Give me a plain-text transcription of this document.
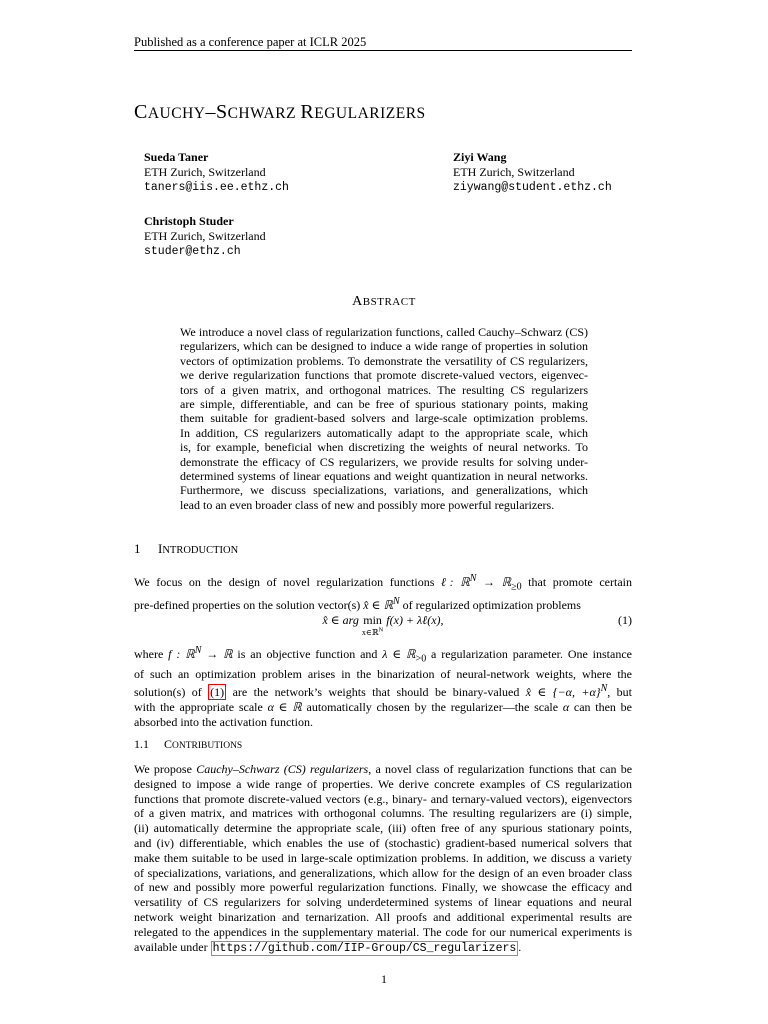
Published as a conference paper at ICLR 2025
CAUCHY–SCHWARZ REGULARIZERS
Sueda Taner
ETH Zurich, Switzerland
taners@iis.ee.ethz.ch
Ziyi Wang
ETH Zurich, Switzerland
ziywang@student.ethz.ch
Christoph Studer
ETH Zurich, Switzerland
studer@ethz.ch
ABSTRACT
We introduce a novel class of regularization functions, called Cauchy–Schwarz (CS)
regularizers, which can be designed to induce a wide range of properties in solution
vectors of optimization problems. To demonstrate the versatility of CS regularizers,
we derive regularization functions that promote discrete-valued vectors, eigenvec-
tors of a given matrix, and orthogonal matrices. The resulting CS regularizers
are simple, differentiable, and can be free of spurious stationary points, making
them suitable for gradient-based solvers and large-scale optimization problems.
In addition, CS regularizers automatically adapt to the appropriate scale, which
is, for example, beneficial when discretizing the weights of neural networks. To
demonstrate the efficacy of CS regularizers, we provide results for solving under-
determined systems of linear equations and weight quantization in neural networks.
Furthermore, we discuss specializations, variations, and generalizations, which
lead to an even broader class of new and possibly more powerful regularizers.
1 INTRODUCTION
We focus on the design of novel regularization functions ℓ: ℝ$^N$ → ℝ$_{\ge 0}$ that promote certain
pre-defined properties on the solution vector(s) x̂ ∈ ℝ$^N$ of regularized optimization problems
x̂ ∈ arg min
$^{x\in ℝ^N}$ f(x) + λℓ(x),	(1)
where f : ℝ$^N$ → ℝ is an objective function and λ ∈ ℝ$_{>0}$ a regularization parameter. One instance
of such an optimization problem arises in the binarization of neural-network weights, where the
solution(s) of (1) are the network’s weights that should be binary-valued x̂ ∈ {−α, +α}$^N$, but
with the appropriate scale α ∈ ℝ automatically chosen by the regularizer—the scale α can then be
absorbed into the activation function.
1.1 CONTRIBUTIONS
We propose Cauchy–Schwarz (CS) regularizers, a novel class of regularization functions that can be
designed to impose a wide range of properties. We derive concrete examples of CS regularization
functions that promote discrete-valued vectors (e.g., binary- and ternary-valued vectors), eigenvectors
of a given matrix, and matrices with orthogonal columns. The resulting regularizers are (i) simple,
(ii) automatically determine the appropriate scale, (iii) often free of any spurious stationary points,
and (iv) differentiable, which enables the use of (stochastic) gradient-based numerical solvers that
make them suitable to be used in large-scale optimization problems. In addition, we discuss a variety
of specializations, variations, and generalizations, which allow for the design of an even broader class
of new and possibly more powerful regularization functions. Finally, we showcase the efficacy and
versatility of CS regularizers for solving underdetermined systems of linear equations and neural
network weight binarization and ternarization. All proofs and additional experimental results are
relegated to the appendices in the supplementary material. The code for our numerical experiments is
available under https://github.com/IIP-Group/CS_regularizers .
1
